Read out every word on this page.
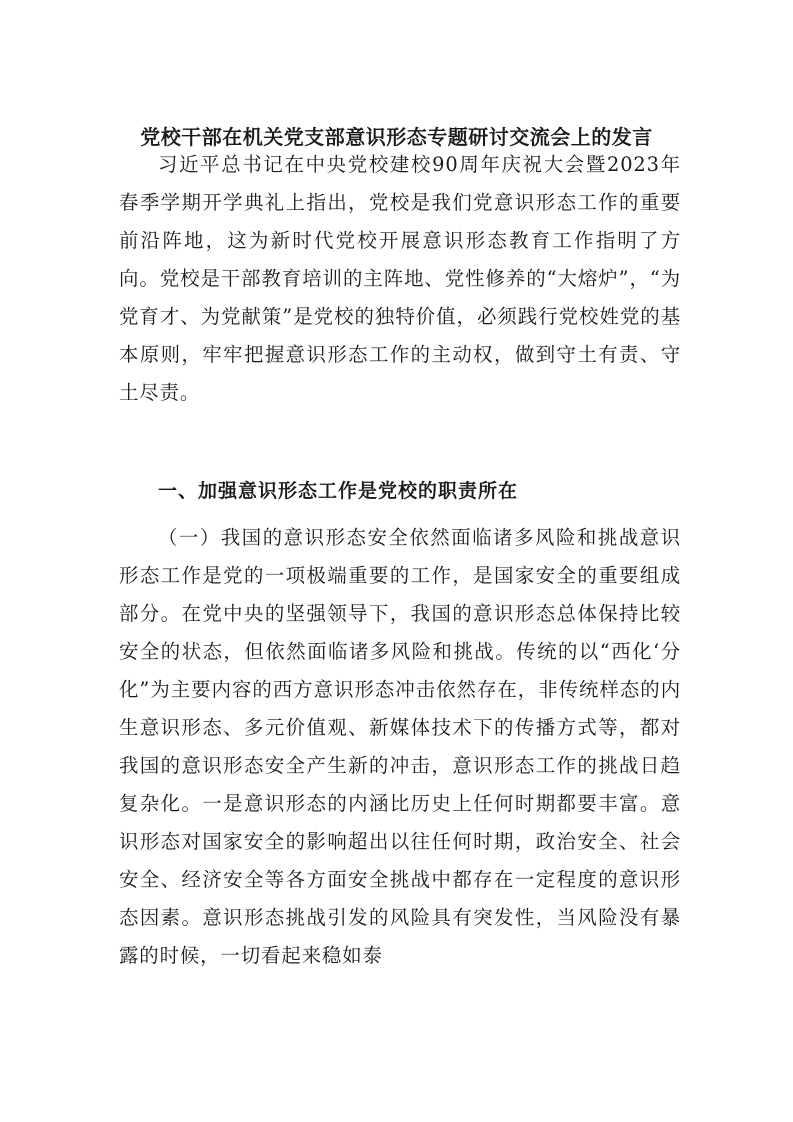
党校干部在机关党支部意识形态专题研讨交流会上的发言
习近平总书记在中央党校建校90周年庆祝大会暨2023年春季学期开学典礼上指出，党校是我们党意识形态工作的重要前沿阵地，这为新时代党校开展意识形态教育工作指明了方向。党校是干部教育培训的主阵地、党性修养的“大熔炉”，“为党育才、为党献策”是党校的独特价值，必须践行党校姓党的基本原则，牢牢把握意识形态工作的主动权，做到守土有责、守土尽责。
一、加强意识形态工作是党校的职责所在
（一）我国的意识形态安全依然面临诸多风险和挑战意识形态工作是党的一项极端重要的工作，是国家安全的重要组成部分。在党中央的坚强领导下，我国的意识形态总体保持比较安全的状态，但依然面临诸多风险和挑战。传统的以“西化‘分化”为主要内容的西方意识形态冲击依然存在，非传统样态的内生意识形态、多元价值观、新媒体技术下的传播方式等，都对我国的意识形态安全产生新的冲击，意识形态工作的挑战日趋复杂化。一是意识形态的内涵比历史上任何时期都要丰富。意识形态对国家安全的影响超出以往任何时期，政治安全、社会安全、经济安全等各方面安全挑战中都存在一定程度的意识形态因素。意识形态挑战引发的风险具有突发性，当风险没有暴露的时候，一切看起来稳如泰
